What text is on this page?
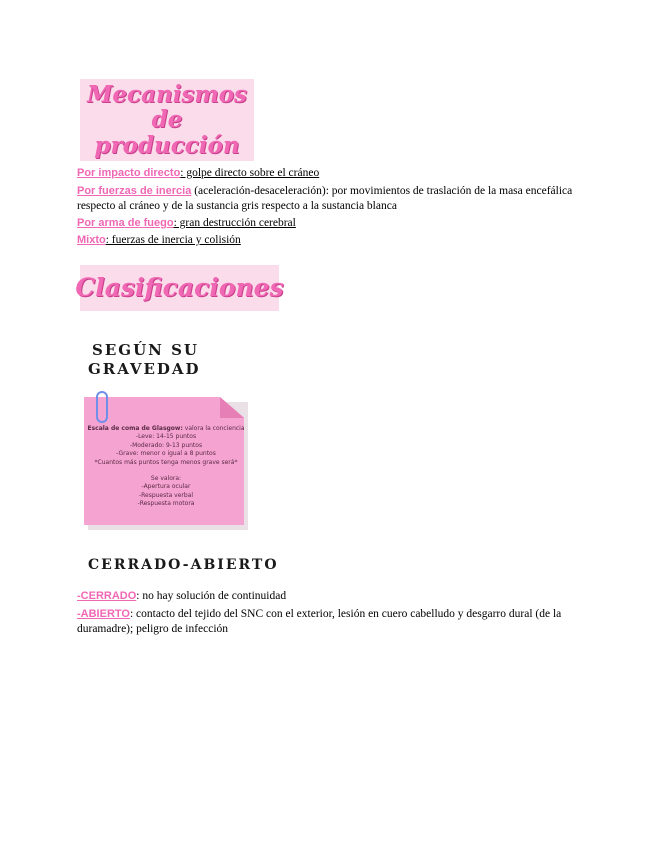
Mecanismos de
producción
Por impacto directo: golpe directo sobre el cráneo
Por fuerzas de inercia (aceleración-desaceleración): por movimientos de traslación de la masa encefálica
respecto al cráneo y de la sustancia gris respecto a la sustancia blanca
Por arma de fuego: gran destrucción cerebral
Mixto: fuerzas de inercia y colisión
Clasificaciones
SEGÚN SU
GRAVEDAD
Escala de coma de Glasgow: valora la conciencia
-Leve: 14-15 puntos
-Moderado: 9-13 puntos
-Grave: menor o igual a 8 puntos
*Cuantos más puntos tenga menos grave será*
Se valora:
-Apertura ocular
-Respuesta verbal
-Respuesta motora
CERRADO-ABIERTO
-CERRADO: no hay solución de continuidad
-ABIERTO: contacto del tejido del SNC con el exterior, lesión en cuero cabelludo y desgarro dural (de la
duramadre); peligro de infección
